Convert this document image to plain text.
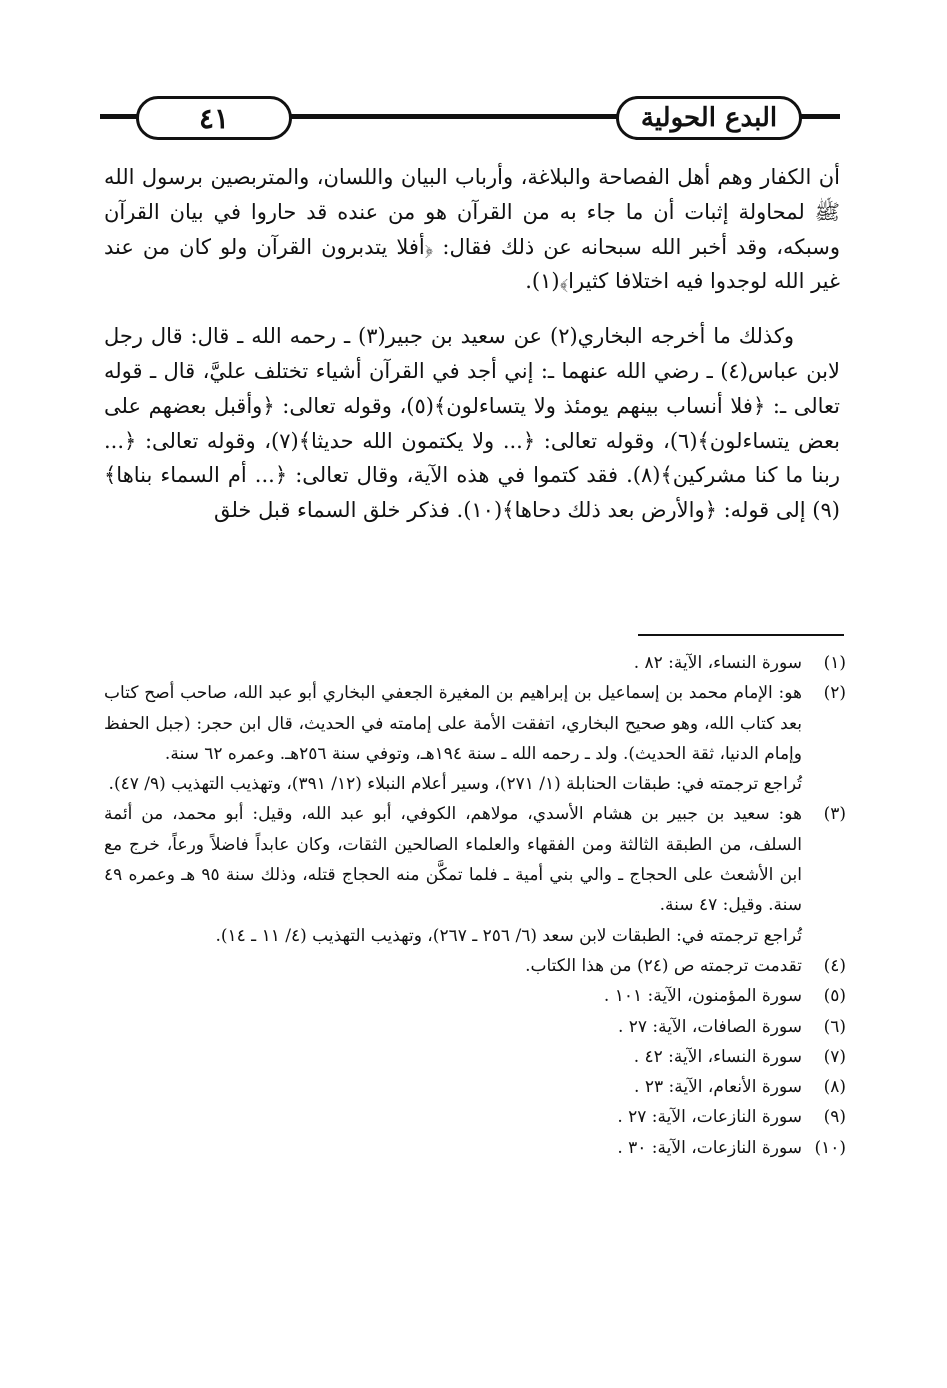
٤١	البدع الحولية

أن الكفار وهم أهل الفصاحة والبلاغة، وأرباب البيان واللسان، والمتربصين برسول الله ﷺ لمحاولة إثبات أن ما جاء به من القرآن هو من عنده قد حاروا في بيان القرآن وسبكه، وقد أخبر الله سبحانه عن ذلك فقال: ﴿أفلا يتدبرون القرآن ولو كان من عند غير الله لوجدوا فيه اختلافا كثيرا﴾(١).

وكذلك ما أخرجه البخاري(٢) عن سعيد بن جبير(٣) ـ رحمه الله ـ قال: قال رجل لابن عباس(٤) ـ رضي الله عنهما ـ: إني أجد في القرآن أشياء تختلف عليَّ، قال ـ قوله تعالى ـ: ﴿فلا أنساب بينهم يومئذ ولا يتساءلون﴾(٥)، وقوله تعالى: ﴿وأقبل بعضهم على بعض يتساءلون﴾(٦)، وقوله تعالى: ﴿... ولا يكتمون الله حديثا﴾(٧)، وقوله تعالى: ﴿... ربنا ما كنا مشركين﴾(٨). فقد كتموا في هذه الآية، وقال تعالى: ﴿... أم السماء بناها﴾ (٩) إلى قوله: ﴿والأرض بعد ذلك دحاها﴾(١٠). فذكر خلق السماء قبل خلق

(١)
سورة النساء، الآية: ٨٢ .
(٢)
هو: الإمام محمد بن إسماعيل بن إبراهيم بن المغيرة الجعفي البخاري أبو عبد الله، صاحب أصح كتاب بعد كتاب الله، وهو صحيح البخاري، اتفقت الأمة على إمامته في الحديث، قال ابن حجر: (جبل الحفظ وإمام الدنيا، ثقة الحديث). ولد ـ رحمه الله ـ سنة ١٩٤هـ، وتوفي سنة ٢٥٦هـ. وعمره ٦٢ سنة.
تُراجع ترجمته في: طبقات الحنابلة (١/ ٢٧١)، وسير أعلام النبلاء (١٢/ ٣٩١)، وتهذيب التهذيب (٩/ ٤٧).
(٣)
هو: سعيد بن جبير بن هشام الأسدي، مولاهم، الكوفي، أبو عبد الله، وقيل: أبو محمد، من أئمة السلف، من الطبقة الثالثة ومن الفقهاء والعلماء الصالحين الثقات، وكان عابداً فاضلاً ورعاً، خرج مع ابن الأشعث على الحجاج ـ والي بني أمية ـ فلما تمكَّن منه الحجاج قتله، وذلك سنة ٩٥ هـ وعمره ٤٩ سنة. وقيل: ٤٧ سنة.
تُراجع ترجمته في: الطبقات لابن سعد (٦/ ٢٥٦ ـ ٢٦٧)، وتهذيب التهذيب (٤/ ١١ ـ ١٤).
(٤)
تقدمت ترجمته ص (٢٤) من هذا الكتاب.
(٥)
سورة المؤمنون، الآية: ١٠١ .
(٦)
سورة الصافات، الآية: ٢٧ .
(٧)
سورة النساء، الآية: ٤٢ .
(٨)
سورة الأنعام، الآية: ٢٣ .
(٩)
سورة النازعات، الآية: ٢٧ .
(١٠)
سورة النازعات، الآية: ٣٠ .
